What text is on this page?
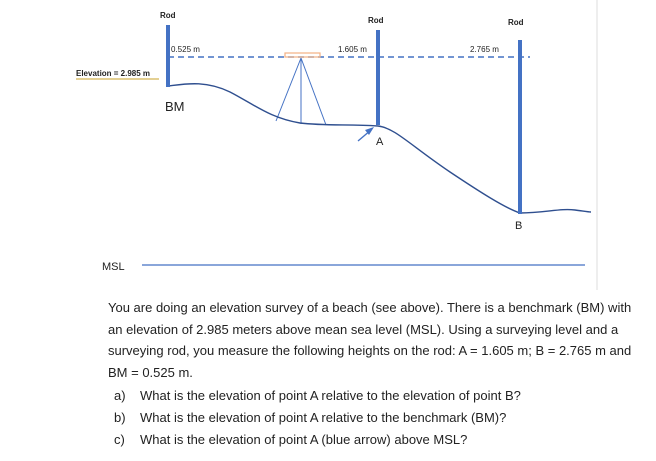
Rod
Rod	Rod
0.525 m	1.605 m	2.765 m
Elevation = 2.985 m
BM
A
B
MSL

You are doing an elevation survey of a beach (see above). There is a benchmark (BM) with an elevation of 2.985 meters above mean sea level (MSL). Using a surveying level and a surveying rod, you measure the following heights on the rod: A = 1.605 m; B = 2.765 m and BM = 0.525 m.

a)	What is the elevation of point A relative to the elevation of point B?
b)	What is the elevation of point A relative to the benchmark (BM)?
c)	What is the elevation of point A (blue arrow) above MSL?
